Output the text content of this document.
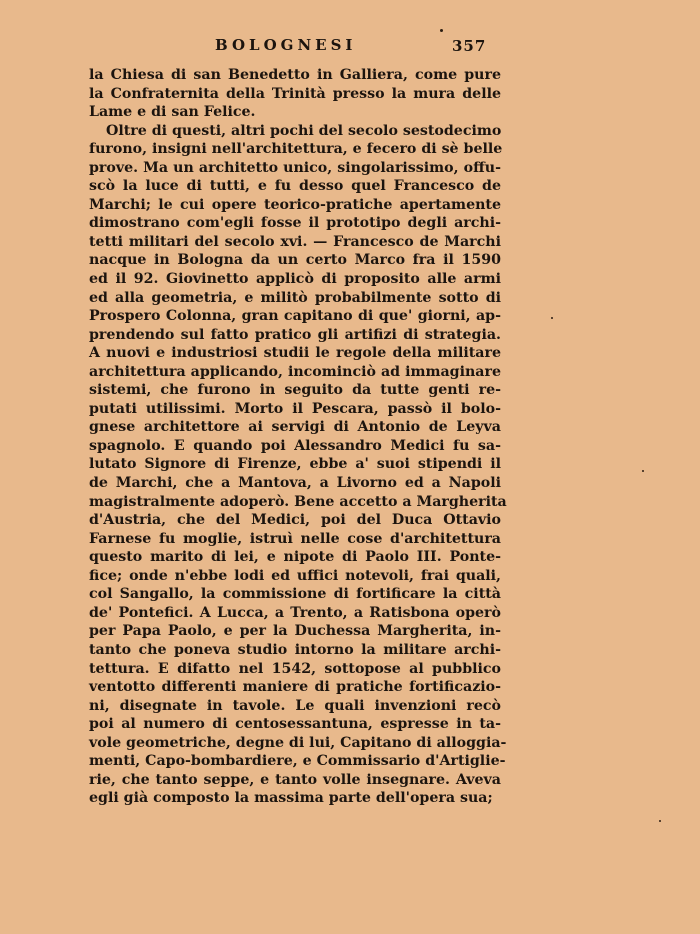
BOLOGNESI	357
la Chiesa di san Benedetto in Galliera, come pure
la Confraternita della Trinità presso la mura delle
Lame e di san Felice.
Oltre di questi, altri pochi del secolo sestodecimo
furono, insigni nell'architettura, e fecero di sè belle
prove. Ma un architetto unico, singolarissimo, offu-
scò la luce di tutti, e fu desso quel Francesco de
Marchi; le cui opere teorico-pratiche apertamente
dimostrano com'egli fosse il prototipo degli archi-
tetti militari del secolo xvi. — Francesco de Marchi
nacque in Bologna da un certo Marco fra il 1590
ed il 92. Giovinetto applicò di proposito alle armi
ed alla geometria, e militò probabilmente sotto di
Prospero Colonna, gran capitano di que' giorni, ap-
prendendo sul fatto pratico gli artifizi di strategia.
A nuovi e industriosi studii le regole della militare
architettura applicando, incominciò ad immaginare
sistemi, che furono in seguito da tutte genti re-
putati utilissimi. Morto il Pescara, passò il bolo-
gnese architettore ai servigi di Antonio de Leyva
spagnolo. E quando poi Alessandro Medici fu sa-
lutato Signore di Firenze, ebbe a' suoi stipendi il
de Marchi, che a Mantova, a Livorno ed a Napoli
magistralmente adoperò. Bene accetto a Margherita
d'Austria, che del Medici, poi del Duca Ottavio
Farnese fu moglie, istruì nelle cose d'architettura
questo marito di lei, e nipote di Paolo III. Ponte-
fice; onde n'ebbe lodi ed uffici notevoli, frai quali,
col Sangallo, la commissione di fortificare la città
de' Pontefici. A Lucca, a Trento, a Ratisbona operò
per Papa Paolo, e per la Duchessa Margherita, in-
tanto che poneva studio intorno la militare archi-
tettura. E difatto nel 1542, sottopose al pubblico
ventotto differenti maniere di pratiche fortificazio-
ni, disegnate in tavole. Le quali invenzioni recò
poi al numero di centosessantuna, espresse in ta-
vole geometriche, degne di lui, Capitano di alloggia-
menti, Capo-bombardiere, e Commissario d'Artiglie-
rie, che tanto seppe, e tanto volle insegnare. Aveva
egli già composto la massima parte dell'opera sua;
